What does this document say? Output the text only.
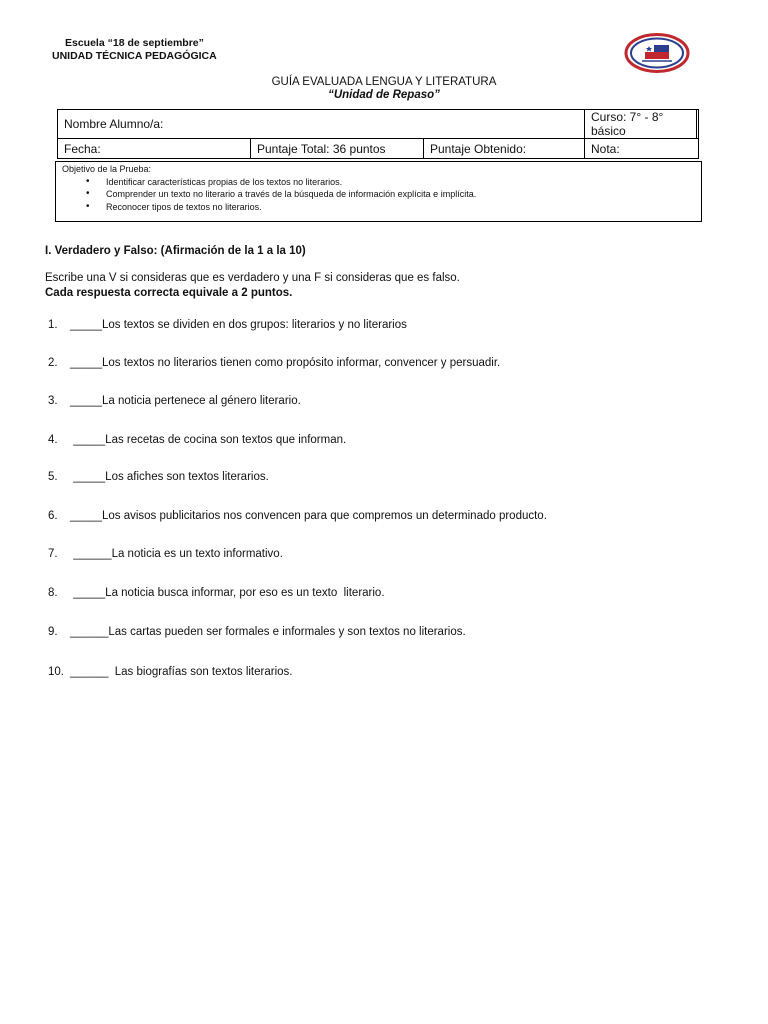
Escuela “18 de septiembre”
UNIDAD TÉCNICA PEDAGÓGICA
GUÍA EVALUADA LENGUA Y LITERATURA
“Unidad de Repaso”
Nombre Alumno/a:			Curso: 7° - 8° básico	
Fecha:	Puntaje Total: 36 puntos	Puntaje Obtenido:	Nota:	
Objetivo de la Prueba:
• Identificar características propias de los textos no literarios.
• Comprender un texto no literario a través de la búsqueda de información explícita e implícita.
• Reconocer tipos de textos no literarios.
I. Verdadero y Falso: (Afirmación de la 1 a la 10)
Escribe una V si consideras que es verdadero y una F si consideras que es falso.
Cada respuesta correcta equivale a 2 puntos.
1. _____Los textos se dividen en dos grupos: literarios y no literarios
2. _____Los textos no literarios tienen como propósito informar, convencer y persuadir.
3. _____La noticia pertenece al género literario.
4. _____Las recetas de cocina son textos que informan.
5. _____Los afiches son textos literarios.
6. _____Los avisos publicitarios nos convencen para que compremos un determinado producto.
7. ______La noticia es un texto informativo.
8. _____La noticia busca informar, por eso es un texto  literario.
9. ______Las cartas pueden ser formales e informales y son textos no literarios.
10. ______  Las biografías son textos literarios.
